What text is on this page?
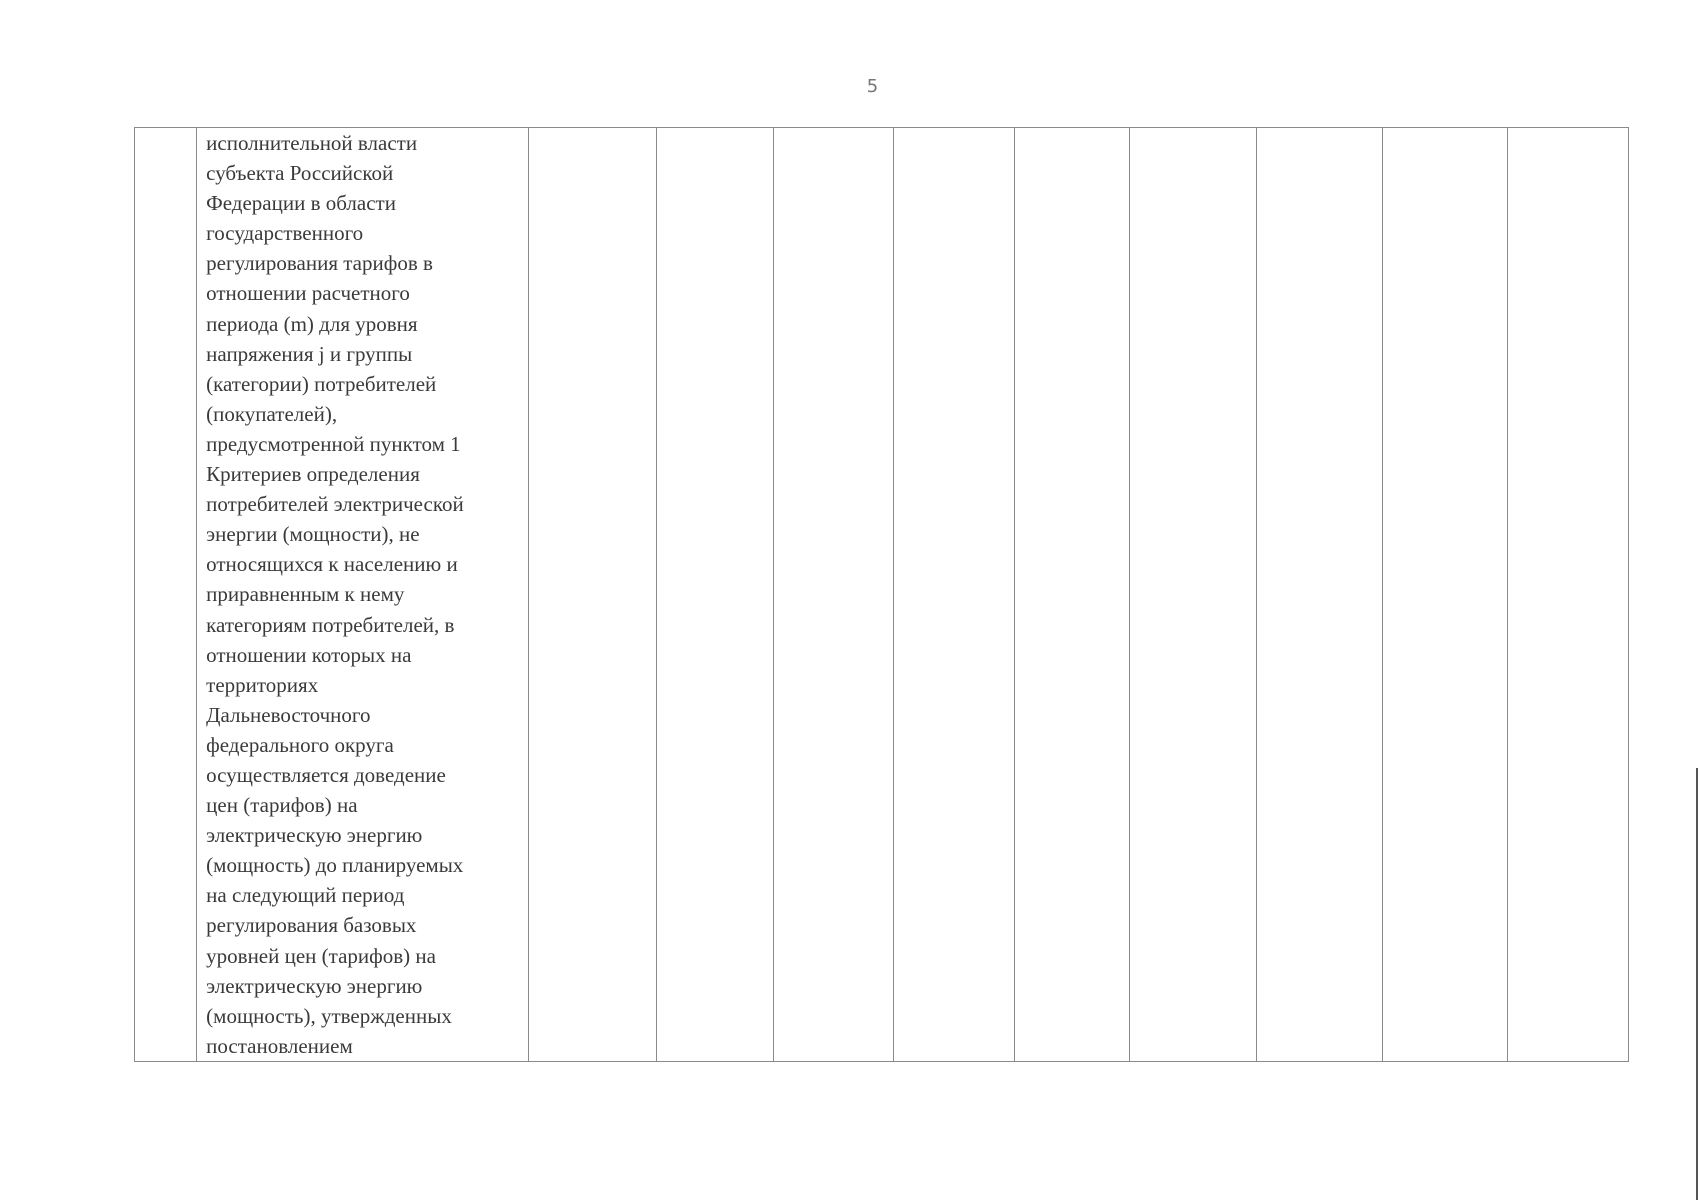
5

исполнительной власти
субъекта Российской
Федерации в области
государственного
регулирования тарифов в
отношении расчетного
периода (m) для уровня
напряжения j и группы
(категории) потребителей
(покупателей),
предусмотренной пунктом 1
Критериев определения
потребителей электрической
энергии (мощности), не
относящихся к населению и
приравненным к нему
категориям потребителей, в
отношении которых на
территориях
Дальневосточного
федерального округа
осуществляется доведение
цен (тарифов) на
электрическую энергию
(мощность) до планируемых
на следующий период
регулирования базовых
уровней цен (тарифов) на
электрическую энергию
(мощность), утвержденных
постановлением
